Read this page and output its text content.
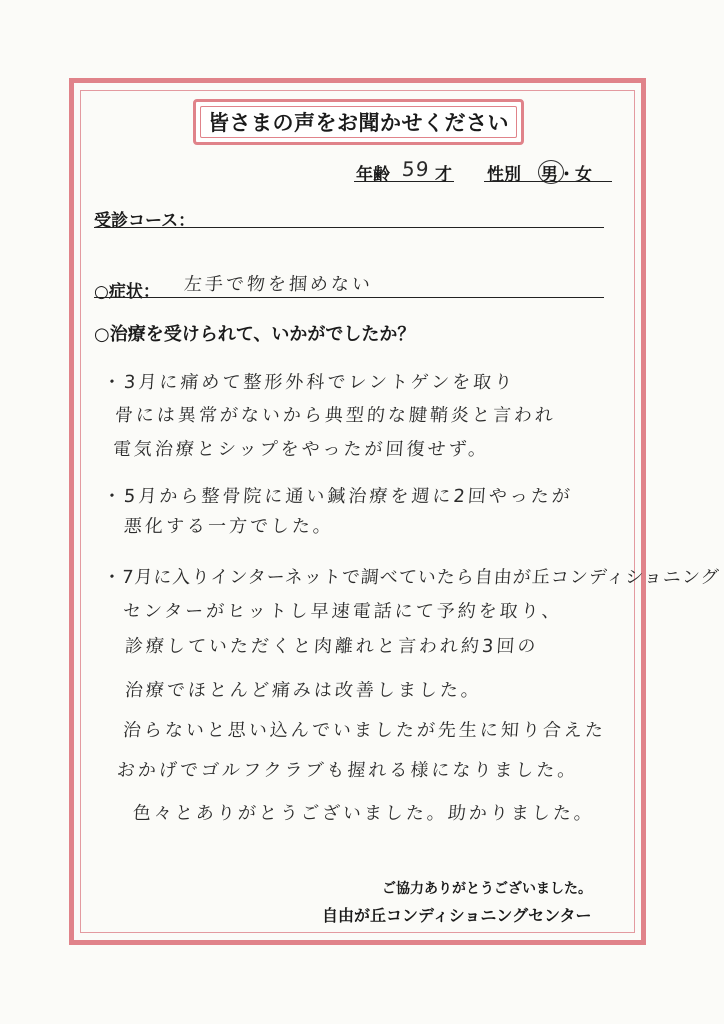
皆さまの声をお聞かせください
年齢 59 才 性別 男・女
受診コース：
○症状： 左手で物を掴めない
○治療を受けられて、いかがでしたか？
・3月に痛めて整形外科でレントゲンを取り
骨には異常がないから典型的な腱鞘炎と言われ
電気治療とシップをやったが回復せず。
・5月から整骨院に通い鍼治療を週に2回やったが
悪化する一方でした。
・7月に入りインターネットで調べていたら自由が丘コンディショニング
センターがヒットし早速電話にて予約を取り、
診療していただくと肉離れと言われ約3回の
治療でほとんど痛みは改善しました。
治らないと思い込んでいましたが先生に知り合えた
おかげでゴルフクラブも握れる様になりました。
色々とありがとうございました。助かりました。
ご協力ありがとうございました。
自由が丘コンディショニングセンター
